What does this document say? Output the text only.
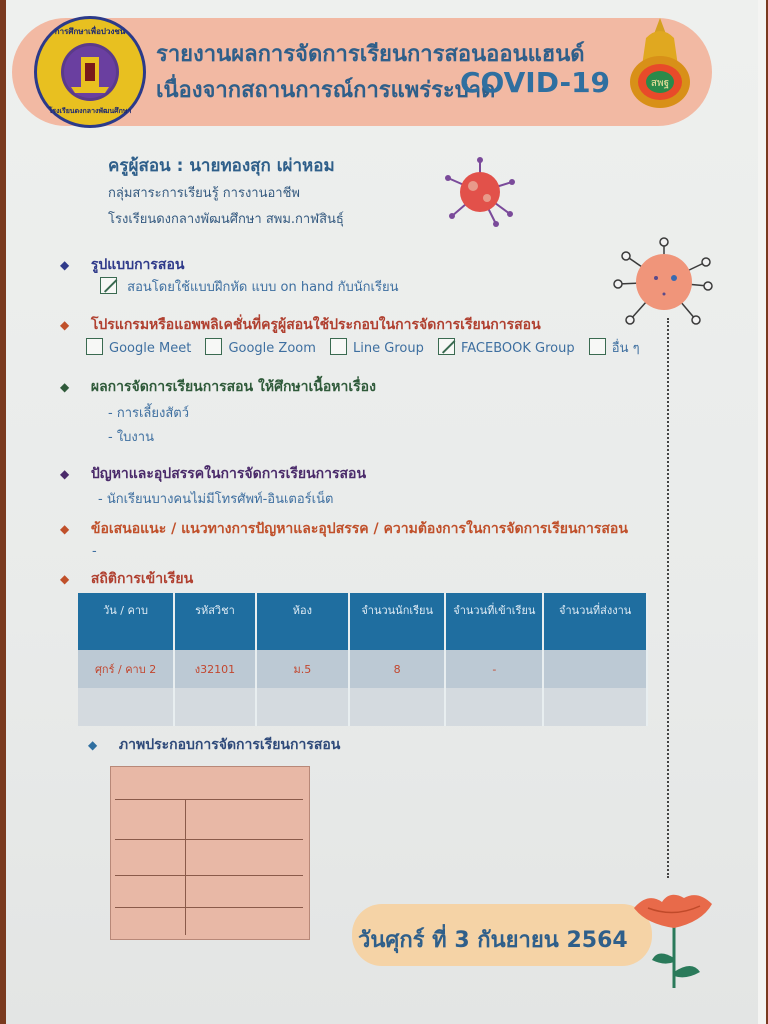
การศึกษาเพื่อปวงชน
โรงเรียนดงกลางพัฒนศึกษา
รายงานผลการจัดการเรียนการสอนออนแฮนด์
เนื่องจากสถานการณ์การแพร่ระบาด
COVID-19	สพฐ
ครูผู้สอน : นายทองสุก เผ่าหอม
กลุ่มสาระการเรียนรู้ การงานอาชีพ
โรงเรียนดงกลางพัฒนศึกษา สพม.กาฬสินธุ์
◆ รูปแบบการสอน
สอนโดยใช้แบบฝึกหัด แบบ on hand กับนักเรียน
◆ โปรแกรมหรือแอพพลิเคชั่นที่ครูผู้สอนใช้ประกอบในการจัดการเรียนการสอน
Google Meet	Google Zoom	Line Group	FACEBOOK Group	อื่น ๆ
◆ ผลการจัดการเรียนการสอน ให้ศึกษาเนื้อหาเรื่อง
- การเลี้ยงสัตว์
- ใบงาน
◆ ปัญหาและอุปสรรคในการจัดการเรียนการสอน
- นักเรียนบางคนไม่มีโทรศัพท์-อินเตอร์เน็ต
◆ ข้อเสนอแนะ / แนวทางการปัญหาและอุปสรรค / ความต้องการในการจัดการเรียนการสอน
-
◆ สถิติการเข้าเรียน
วัน / คาบ	รหัสวิชา	ห้อง	จำนวนนักเรียน	จำนวนที่เข้าเรียน	จำนวนที่ส่งงาน
ศุกร์ / คาบ 2	ง32101	ม.5	8	-	

◆ ภาพประกอบการจัดการเรียนการสอน
วันศุกร์ ที่ 3 กันยายน 2564
